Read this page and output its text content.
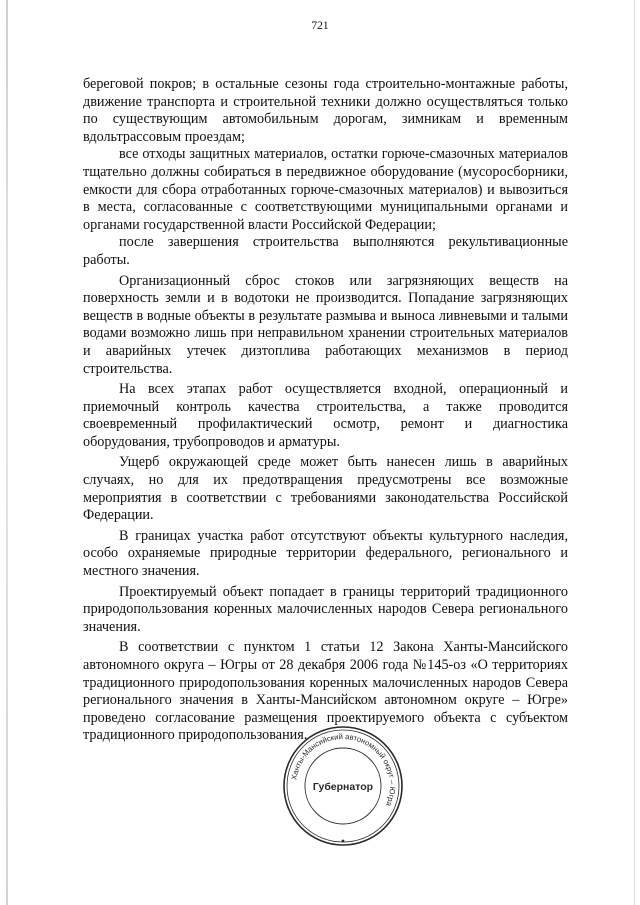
721

береговой покров; в остальные сезоны года строительно-монтажные работы, движение транспорта и строительной техники должно осуществляться только по существующим автомобильным дорогам, зимникам и временным вдольтрассовым проездам;

все отходы защитных материалов, остатки горюче-смазочных материалов тщательно должны собираться в передвижное оборудование (мусоросборники, емкости для сбора отработанных горюче-смазочных материалов) и вывозиться в места, согласованные с соответствующими муниципальными органами и органами государственной власти Российской Федерации;

после завершения строительства выполняются рекультивационные работы.

Организационный сброс стоков или загрязняющих веществ на поверхность земли и в водотоки не производится. Попадание загрязняющих веществ в водные объекты в результате размыва и выноса ливневыми и талыми водами возможно лишь при неправильном хранении строительных материалов и аварийных утечек дизтоплива работающих механизмов в период строительства.

На всех этапах работ осуществляется входной, операционный и приемочный контроль качества строительства, а также проводится своевременный профилактический осмотр, ремонт и диагностика оборудования, трубопроводов и арматуры.

Ущерб окружающей среде может быть нанесен лишь в аварийных случаях, но для их предотвращения предусмотрены все возможные мероприятия в соответствии с требованиями законодательства Российской Федерации.

В границах участка работ отсутствуют объекты культурного наследия, особо охраняемые природные территории федерального, регионального и местного значения.

Проектируемый объект попадает в границы территорий традиционного природопользования коренных малочисленных народов Севера регионального значения.

В соответствии с пунктом 1 статьи 12 Закона Ханты-Мансийского автономного округа – Югры от 28 декабря 2006 года №145-оз «О территориях традиционного природопользования коренных малочисленных народов Севера регионального значения в Ханты-Мансийском автономном округе – Югре» проведено согласование размещения проектируемого объекта с субъектом традиционного природопользования.

Ханты-Мансийский автономный округ – Югра
Губернатор
